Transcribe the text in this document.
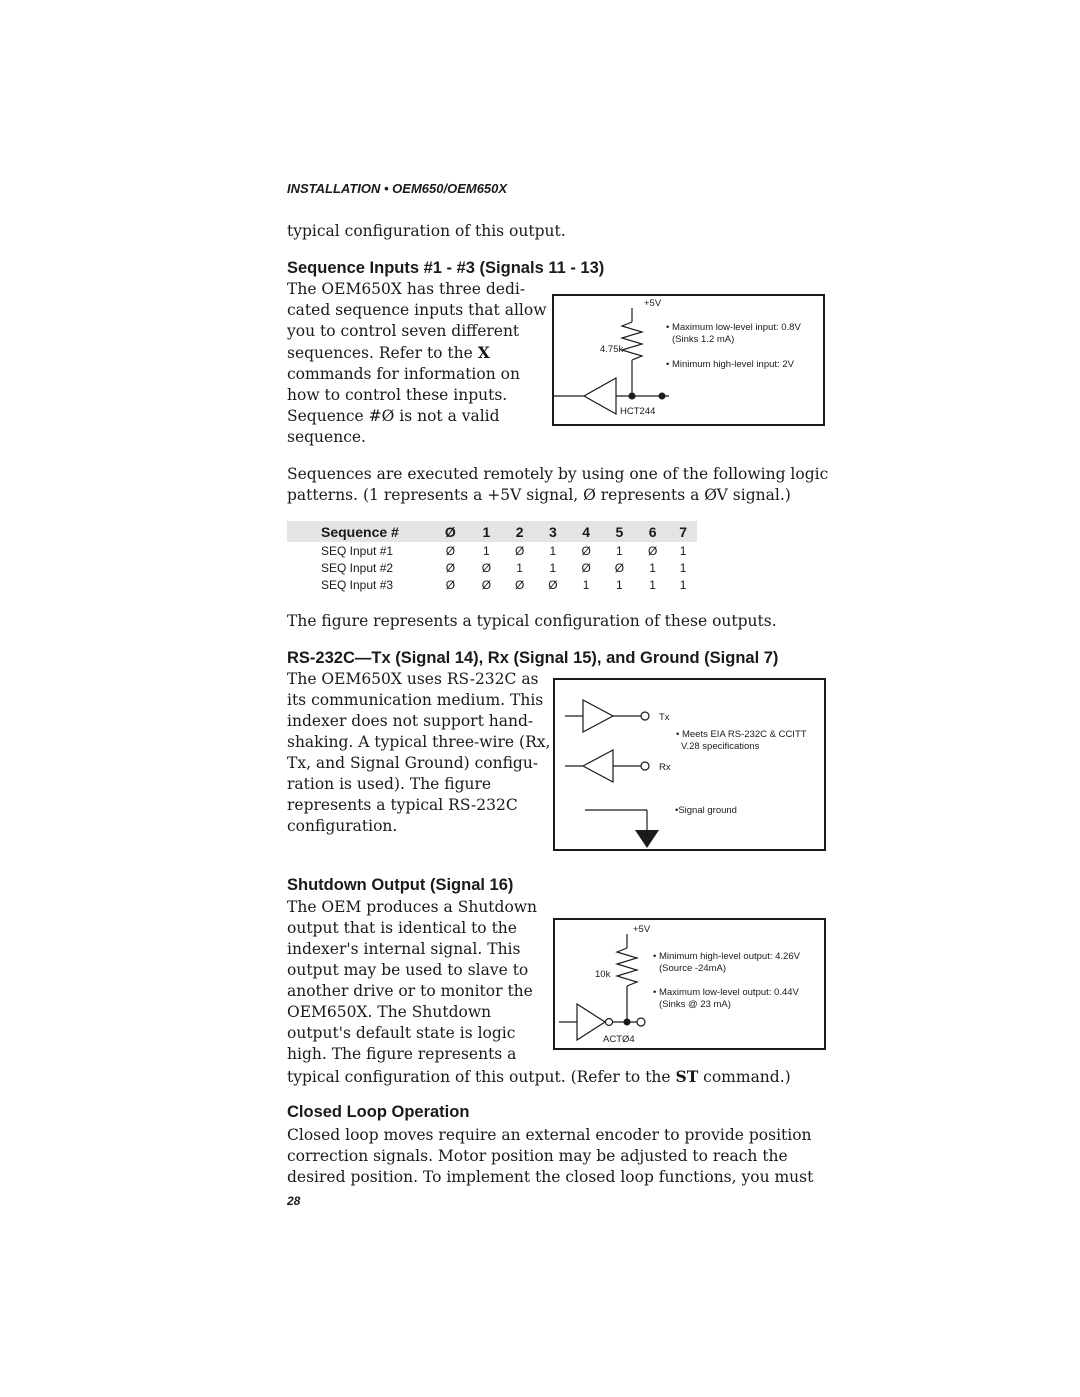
INSTALLATION • OEM650/OEM650X
typical configuration of this output.
Sequence Inputs #1 - #3 (Signals 11 - 13)
The OEM650X has three dedi-
cated sequence inputs that allow
you to control seven different
sequences. Refer to the X
commands for information on
how to control these inputs.
Sequence #Ø is not a valid
sequence.
+5V
4.75k
HCT244
• Maximum low-level input: 0.8V
(Sinks 1.2 mA)
• Minimum high-level input: 2V
Sequences are executed remotely by using one of the following logic
patterns. (1 represents a +5V signal, Ø represents a ØV signal.)
Sequence #	Ø	1	2	3	4	5	6	7
SEQ Input #1	Ø	1	Ø	1	Ø	1	Ø	1
SEQ Input #2	Ø	Ø	1	1	Ø	Ø	1	1
SEQ Input #3	Ø	Ø	Ø	Ø	1	1	1	1
The figure represents a typical configuration of these outputs.
RS-232C—Tx (Signal 14), Rx (Signal 15), and Ground (Signal 7)
The OEM650X uses RS-232C as
its communication medium. This
indexer does not support hand-
shaking. A typical three-wire (Rx,
Tx, and Signal Ground) configu-
ration is used). The figure
represents a typical RS-232C
configuration.
Tx
Rx
• Meets EIA RS-232C & CCITT
V.28 specifications
•Signal ground
Shutdown Output (Signal 16)
The OEM produces a Shutdown
output that is identical to the
indexer's internal signal. This
output may be used to slave to
another drive or to monitor the
OEM650X. The Shutdown
output's default state is logic
high. The figure represents a
+5V
10k
ACTØ4
• Minimum high-level output: 4.26V
(Source -24mA)
• Maximum low-level output: 0.44V
(Sinks @ 23 mA)
typical configuration of this output. (Refer to the ST command.)
Closed Loop Operation
Closed loop moves require an external encoder to provide position
correction signals. Motor position may be adjusted to reach the
desired position. To implement the closed loop functions, you must
28
